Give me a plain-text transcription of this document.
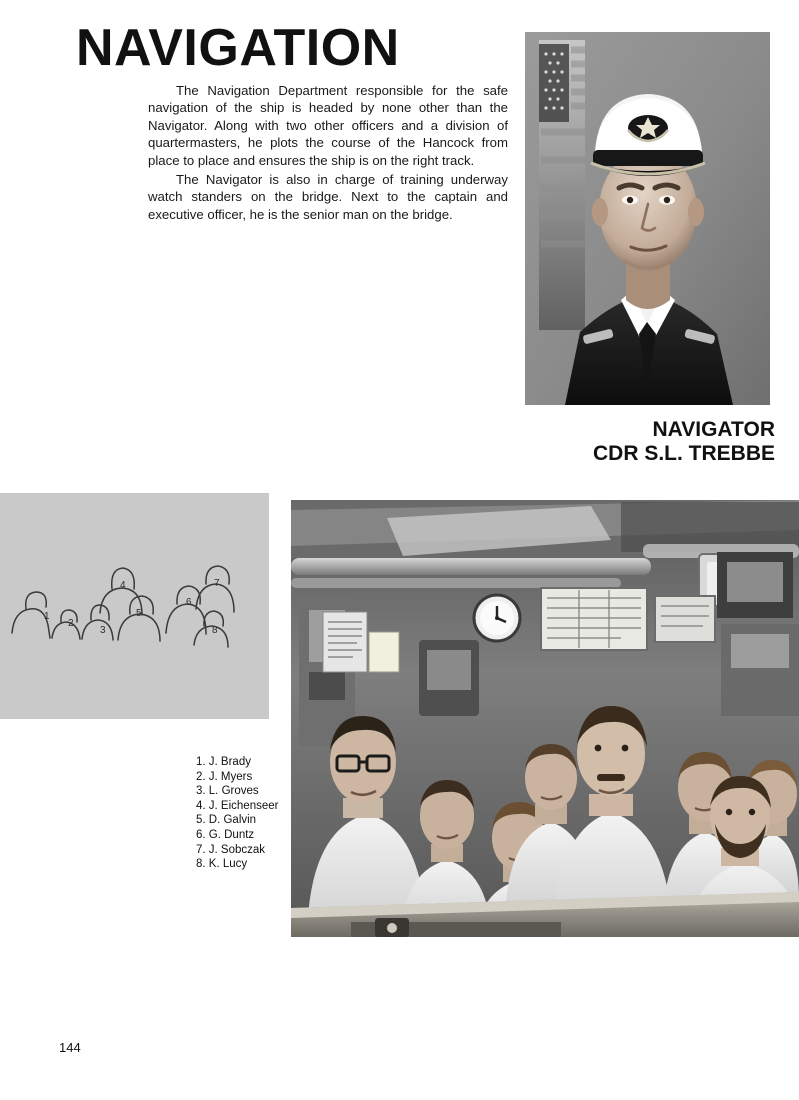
NAVIGATION

The Navigation Department responsible for the safe navigation of the ship is headed by none other than the Navigator. Along with two other officers and a division of quartermasters, he plots the course of the Hancock from place to place and ensures the ship is on the right track.

The Navigator is also in charge of training underway watch standers on the bridge. Next to the captain and executive officer, he is the senior man on the bridge.

NAVIGATOR
CDR S.L. TREBBE
1
2
3
4
5
6
7
8
1. J. Brady
2. J. Myers
3. L. Groves
4. J. Eichenseer
5. D. Galvin
6. G. Duntz
7. J. Sobczak
8. K. Lucy
144
